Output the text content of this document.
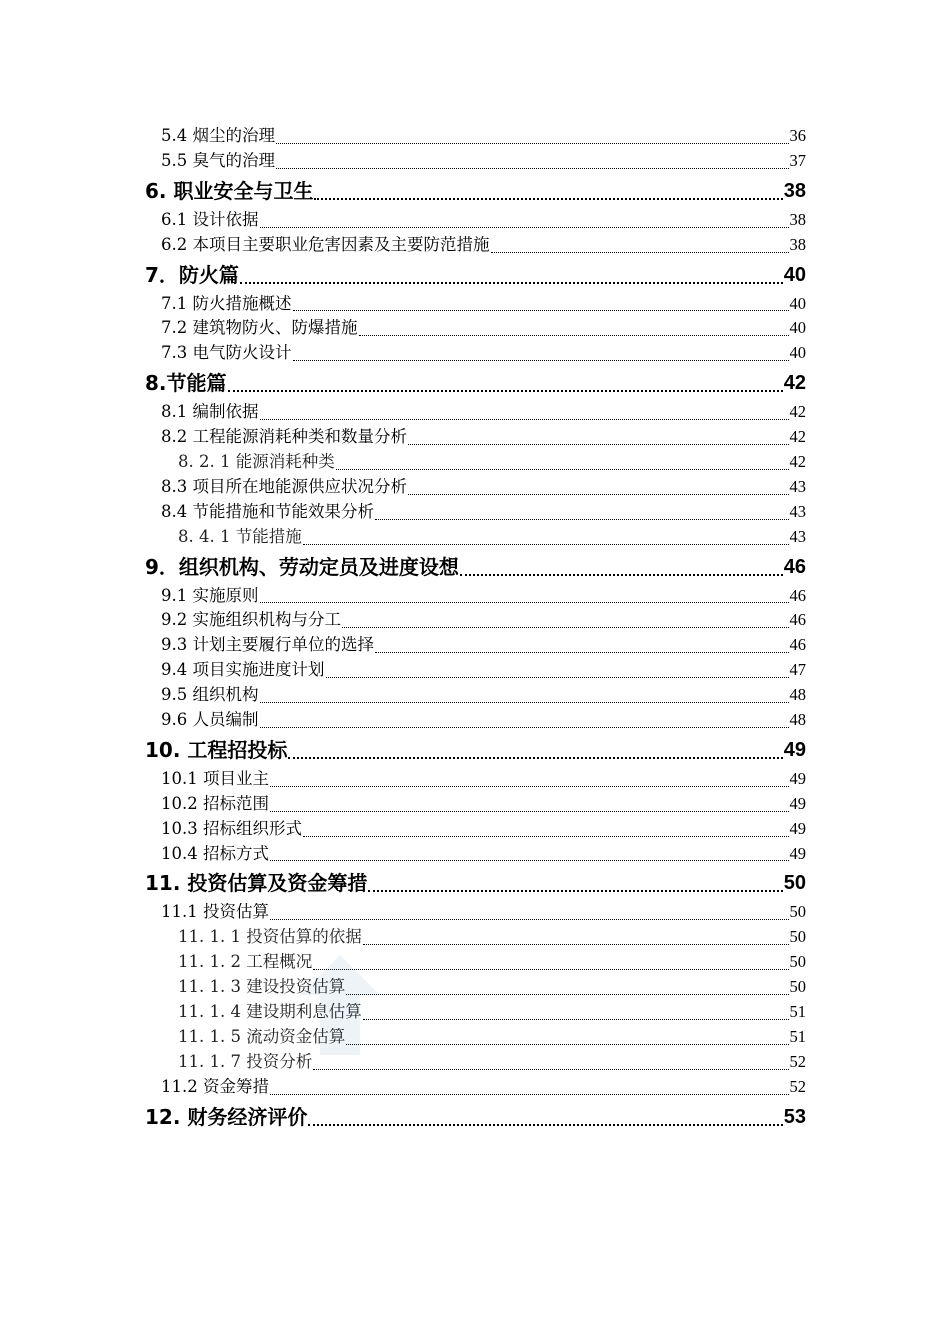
5.4 烟尘的治理	36
5.5 臭气的治理	37
6. 职业安全与卫生	38
6.1 设计依据	38
6.2 本项目主要职业危害因素及主要防范措施	38
7．防火篇	40
7.1 防火措施概述	40
7.2 建筑物防火、防爆措施	40
7.3 电气防火设计	40
8.节能篇	42
8.1 编制依据	42
8.2 工程能源消耗种类和数量分析	42
8. 2. 1 能源消耗种类	42
8.3 项目所在地能源供应状况分析	43
8.4 节能措施和节能效果分析	43
8. 4. 1 节能措施	43
9．组织机构、劳动定员及进度设想	46
9.1 实施原则	46
9.2 实施组织机构与分工	46
9.3 计划主要履行单位的选择	46
9.4 项目实施进度计划	47
9.5 组织机构	48
9.6 人员编制	48
10. 工程招投标	49
10.1 项目业主	49
10.2 招标范围	49
10.3 招标组织形式	49
10.4 招标方式	49
11. 投资估算及资金筹措	50
11.1 投资估算	50
11. 1. 1 投资估算的依据	50
11. 1. 2 工程概况	50
11. 1. 3 建设投资估算	50
11. 1. 4 建设期利息估算	51
11. 1. 5 流动资金估算	51
11. 1. 7 投资分析	52
11.2 资金筹措	52
12. 财务经济评价	53
